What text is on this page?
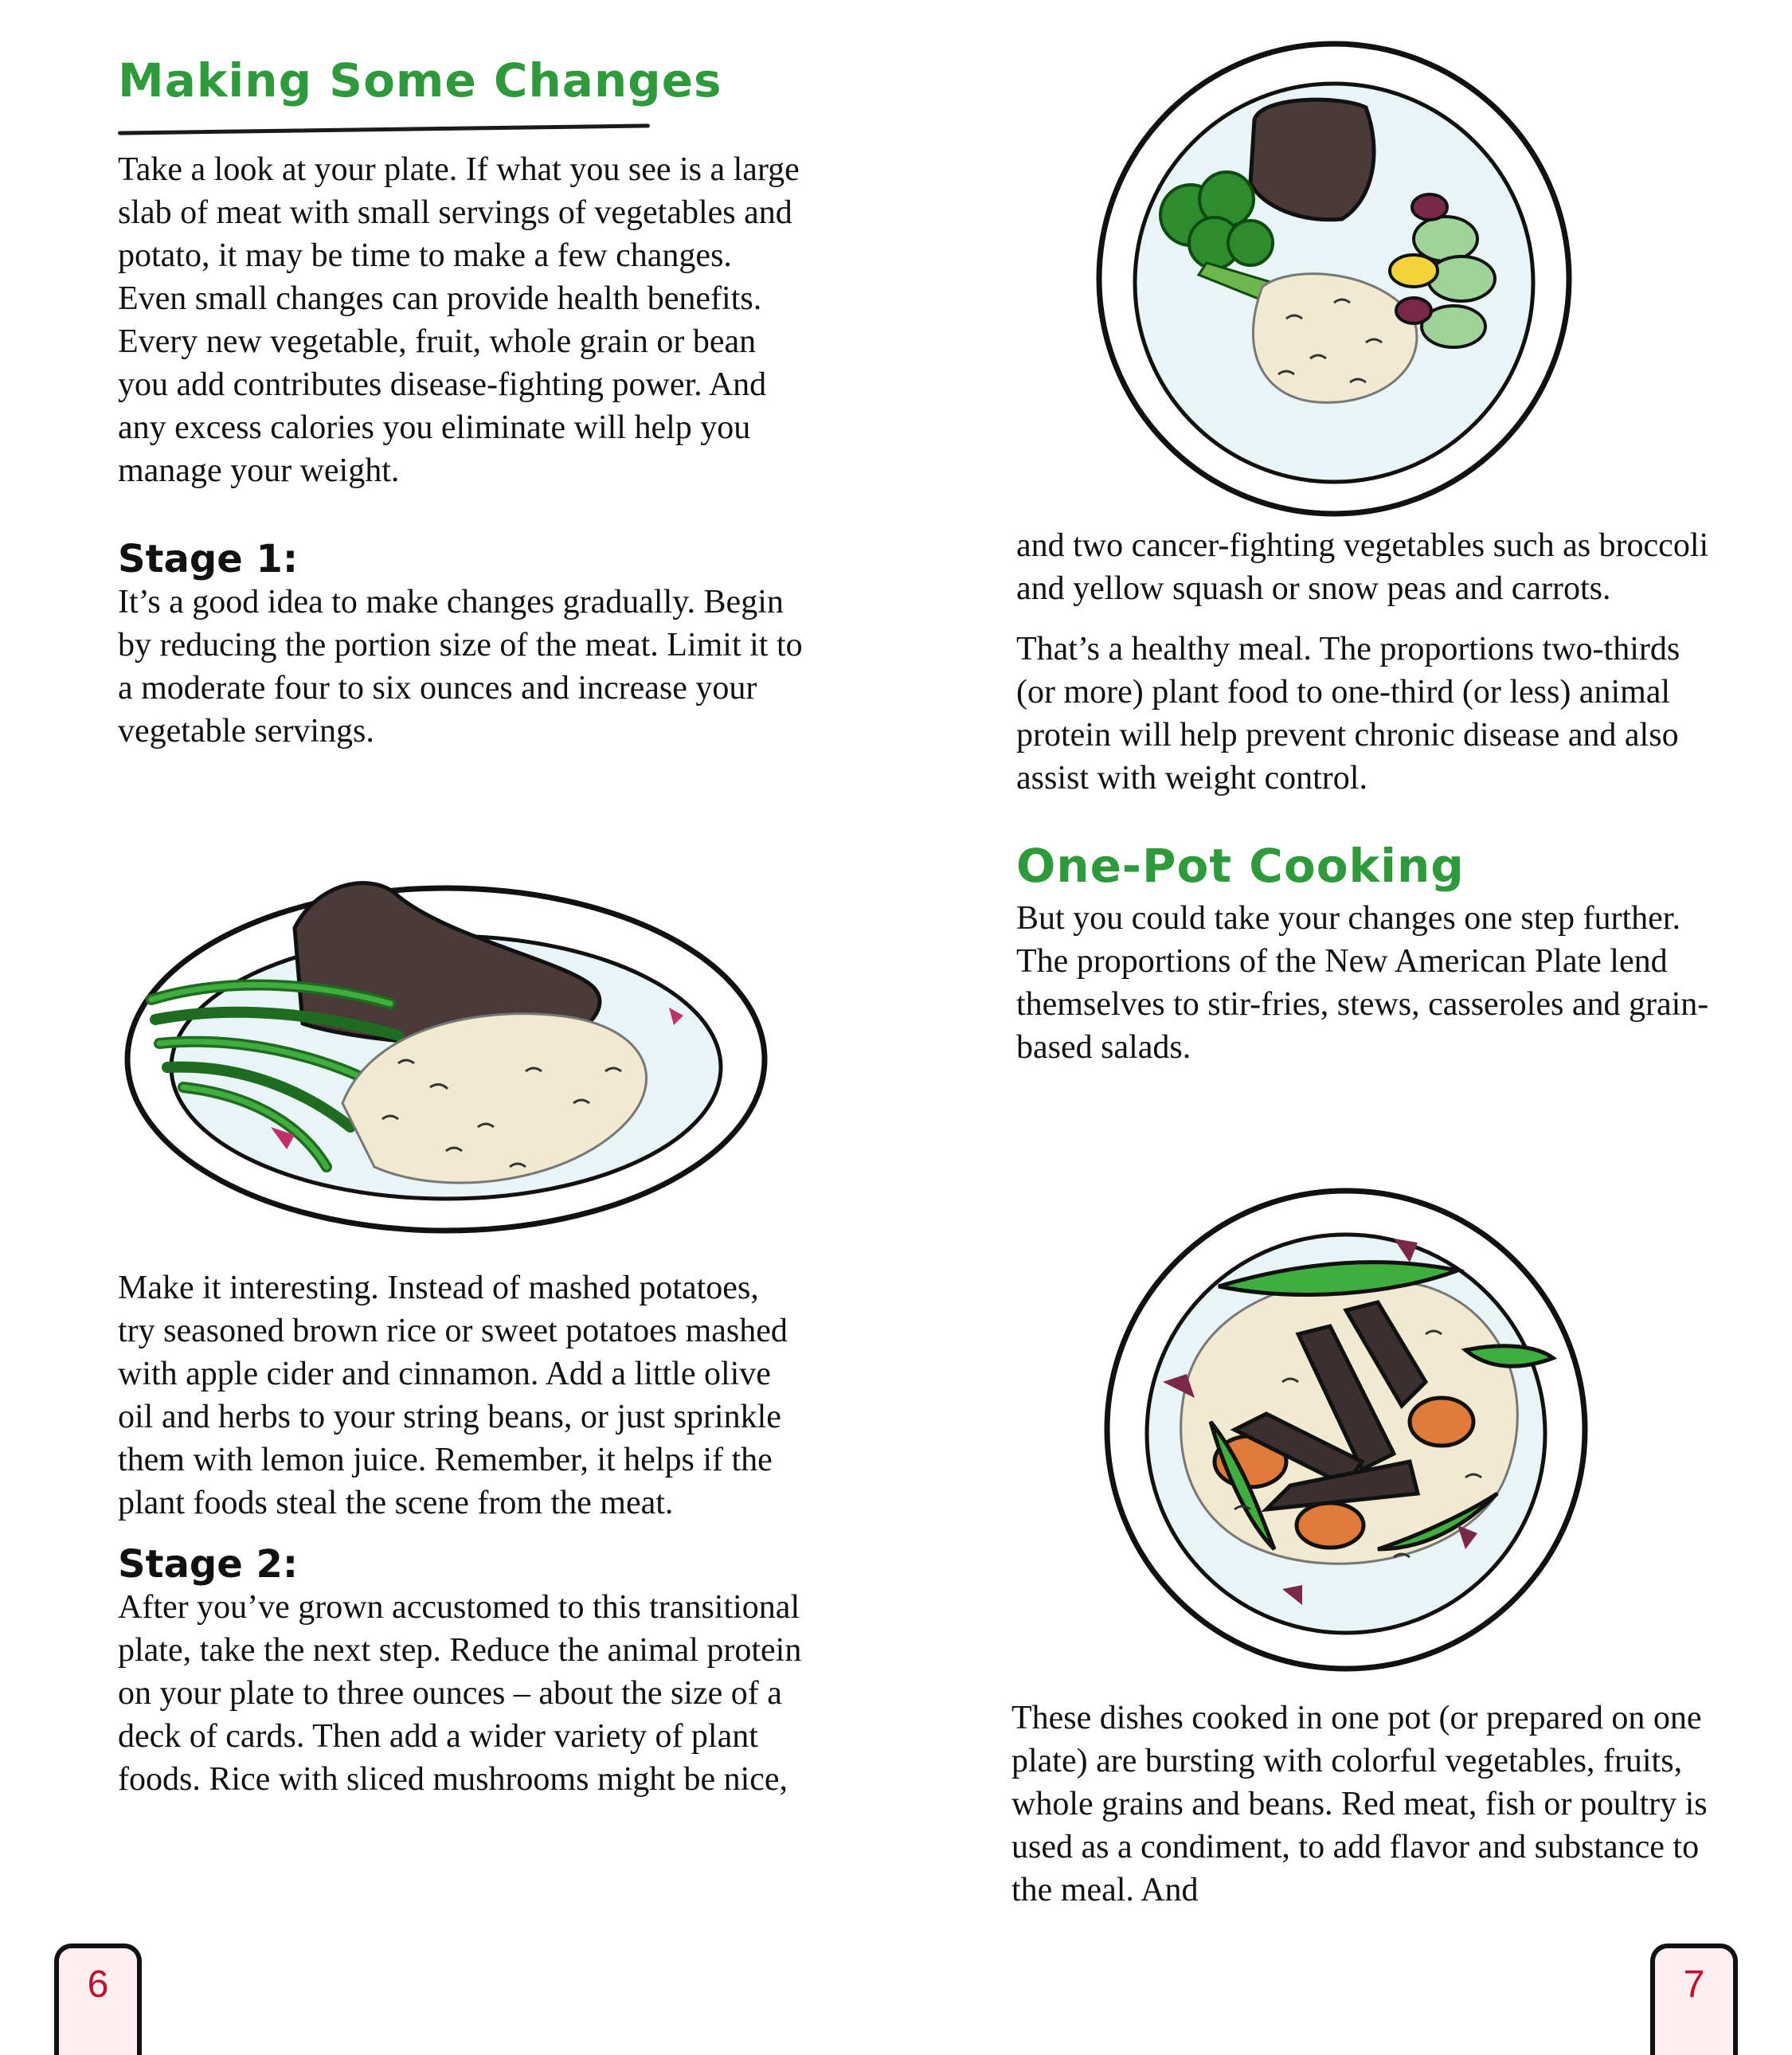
Making Some Changes

Take a look at your plate. If what you see is a large slab of meat with small servings of vegetables and potato, it may be time to make a few changes. Even small changes can provide health benefits. Every new vegetable, fruit, whole grain or bean you add contributes disease-fighting power. And any excess calories you eliminate will help you manage your weight.

Stage 1:

It’s a good idea to make changes gradually. Begin by reducing the portion size of the meat. Limit it to a moderate four to six ounces and increase your vegetable servings.

Make it interesting. Instead of mashed potatoes, try seasoned brown rice or sweet potatoes mashed with apple cider and cinnamon. Add a little olive oil and herbs to your string beans, or just sprinkle them with lemon juice. Remember, it helps if the plant foods steal the scene from the meat.

Stage 2:

After you’ve grown accustomed to this transitional plate, take the next step. Reduce the animal protein on your plate to three ounces – about the size of a deck of cards. Then add a wider variety of plant foods. Rice with sliced mushrooms might be nice,

and two cancer-fighting vegetables such as broccoli and yellow squash or snow peas and carrots.

That’s a healthy meal. The proportions two-thirds (or more) plant food to one-third (or less) animal protein will help prevent chronic disease and also assist with weight control.

One-Pot Cooking

But you could take your changes one step further. The proportions of the New American Plate lend themselves to stir-fries, stews, casseroles and grain-based salads.

These dishes cooked in one pot (or prepared on one plate) are bursting with colorful vegetables, fruits, whole grains and beans. Red meat, fish or poultry is used as a condiment, to add flavor and substance to the meal. And

6	7
